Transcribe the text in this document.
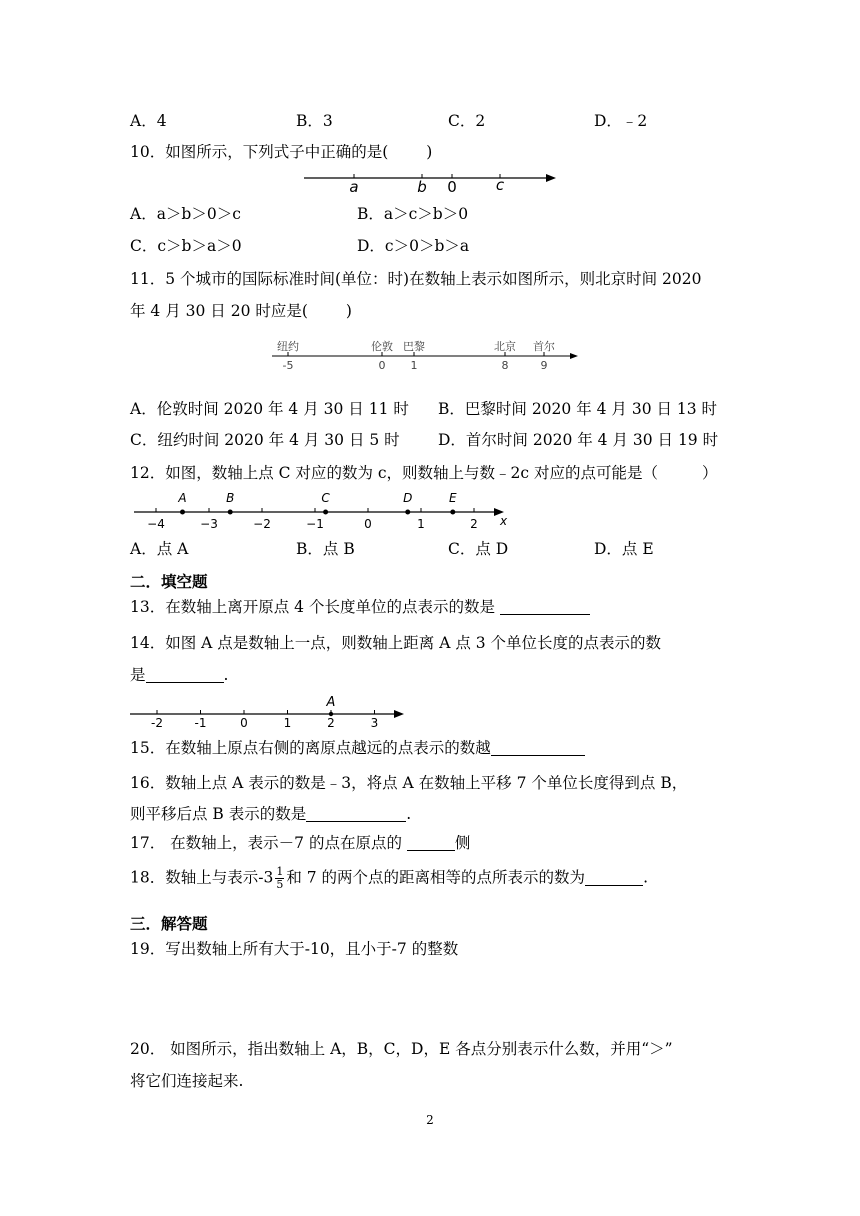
A．4	B．3	C．2	D．﹣2
10．如图所示，下列式子中正确的是( )
a	b 0	c
A．a＞b＞0＞c	B．a＞c＞b＞0
C．c＞b＞a＞0	D．c＞0＞b＞a
11．5 个城市的国际标准时间(单位：时)在数轴上表示如图所示，则北京时间 2020
年 4 月 30 日 20 时应是( )
纽约
-5
伦敦
0
巴黎
1
北京
8
首尔
9
A．伦敦时间 2020 年 4 月 30 日 11 时 B．巴黎时间 2020 年 4 月 30 日 13 时
C．纽约时间 2020 年 4 月 30 日 5 时 D．首尔时间 2020 年 4 月 30 日 19 时
12．如图，数轴上点 C 对应的数为 c，则数轴上与数﹣2c 对应的点可能是（	）
−4	−3	−2	−1	0	1	2
A	B	C	D	E
x
A．点 A	B．点 B	C．点 D	D．点 E
二．填空题
13．在数轴上离开原点 4 个长度单位的点表示的数是
14．如图 A 点是数轴上一点，则数轴上距离 A 点 3 个单位长度的点表示的数
是	.
-2	-1	0	1	2	3
A
15．在数轴上原点右侧的离原点越远的点表示的数越
16．数轴上点 A 表示的数是﹣3，将点 A 在数轴上平移 7 个单位长度得到点 B，
则平移后点 B 表示的数是	.
17． 在数轴上，表示－7 的点在原点的	侧
18．数轴上与表示$-3 \frac{1}{5}$ 和 7 的两个点的距离相等的点所表示的数为	.
三．解答题
19．写出数轴上所有大于-10，且小于-7 的整数
20． 如图所示，指出数轴上 A，B，C，D，E 各点分别表示什么数，并用“＞”
将它们连接起来.
2
